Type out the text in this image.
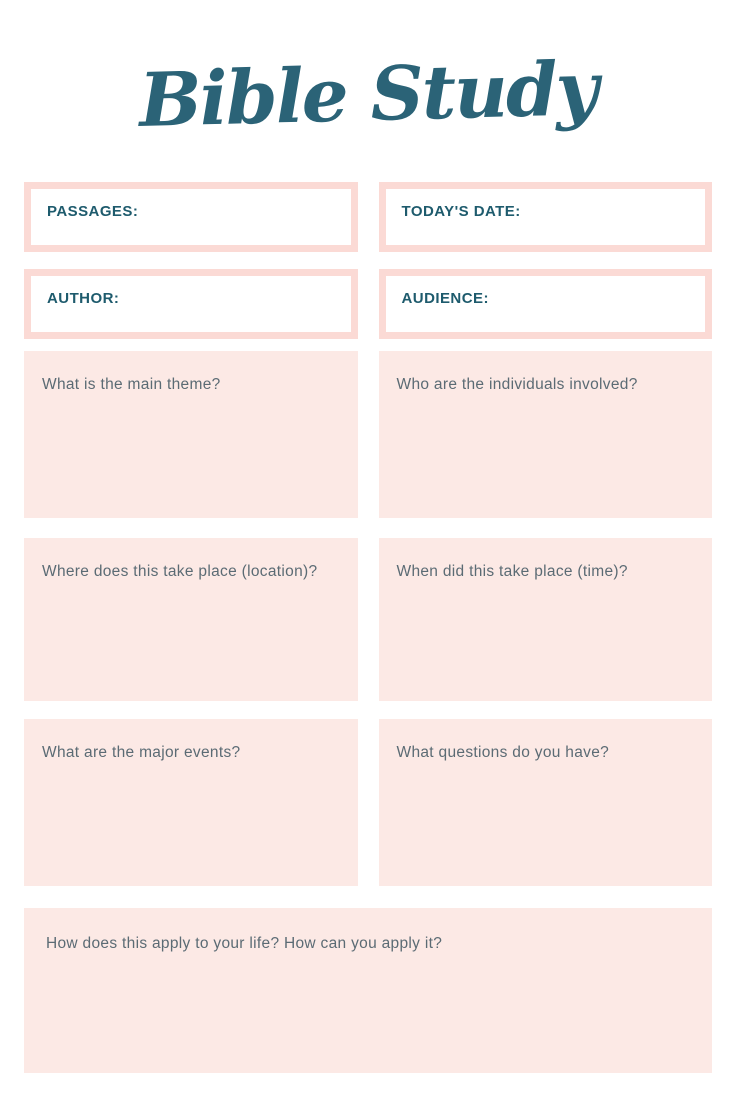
Bible Study
PASSAGES:	TODAY'S DATE:
AUTHOR:	AUDIENCE:
What is the main theme?	Who are the individuals involved?
Where does this take place (location)?	When did this take place (time)?
What are the major events?	What questions do you have?
How does this apply to your life? How can you apply it?
